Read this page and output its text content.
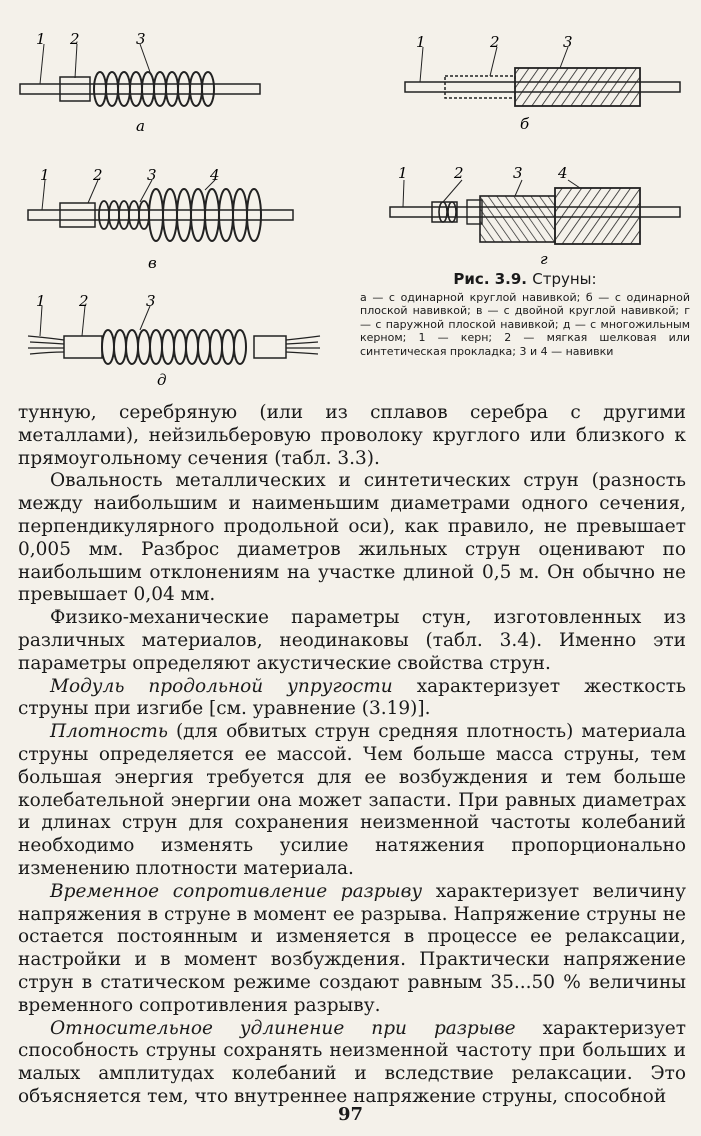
1 2	3
а
1	2	3
б
1	2	3	4
в
1	2	3 4
г
1 2	3
д

Рис. 3.9. Струны:

а — с одинарной круглой навивкой; б — с одинарной плоской навивкой; в — с двойной круглой навивкой; г — с паружной плоской навивкой; д — с многожильным керном; 1 — керн; 2 — мягкая шелковая или синтетическая прокладка; 3 и 4 — навивки

тунную, серебряную (или из сплавов серебра с другими металлами), нейзильберовую проволоку круглого или близкого к прямоугольному сечения (табл. 3.3).

Овальность металлических и синтетических струн (разность между наибольшим и наименьшим диаметрами одного сечения, перпендикулярного продольной оси), как правило, не превышает 0,005 мм. Разброс диаметров жильных струн оценивают по наибольшим отклонениям на участке длиной 0,5 м. Он обычно не превышает 0,04 мм.

Физико-механические параметры стун, изготовленных из различных материалов, неодинаковы (табл. 3.4). Именно эти параметры определяют акустические свойства струн.

Модуль продольной упругости характеризует жесткость струны при изгибе [см. уравнение (3.19)].

Плотность (для обвитых струн средняя плотность) материала струны определяется ее массой. Чем больше масса струны, тем большая энергия требуется для ее возбуждения и тем больше колебательной энергии она может запасти. При равных диаметрах и длинах струн для сохранения неизменной частоты колебаний необходимо изменять усилие натяжения пропорционально изменению плотности материала.

Временное сопротивление разрыву характеризует величину напряжения в струне в момент ее разрыва. Напряжение струны не остается постоянным и изменяется в процессе ее релаксации, настройки и в момент возбуждения. Практически напряжение струн в статическом режиме создают равным 35...50 % величины временного сопротивления разрыву.

Относительное удлинение при разрыве характеризует способность струны сохранять неизменной частоту при больших и малых амплитудах колебаний и вследствие релаксации. Это объясняется тем, что внутреннее напряжение струны, способной

97
